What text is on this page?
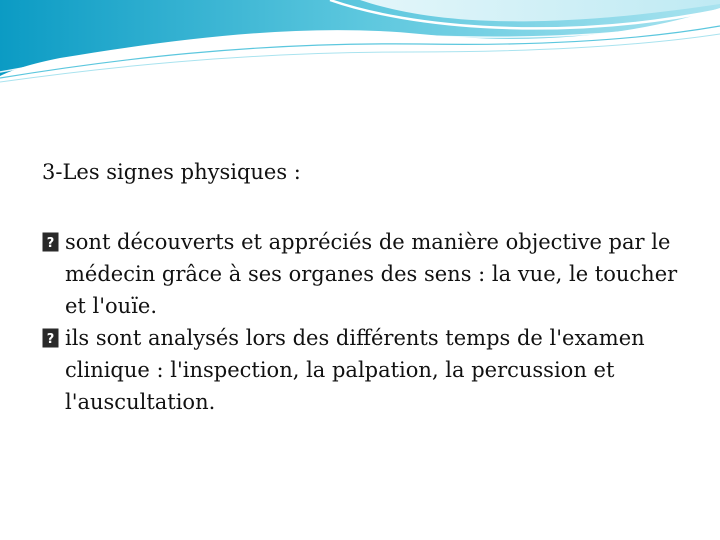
3-Les signes physiques :
? sont découverts et appréciés de manière objective par le médecin grâce à ses organes des sens : la vue, le toucher et l'ouïe.
? ils sont analysés lors des différents temps de l'examen clinique : l'inspection, la palpation, la percussion et l'auscultation.
